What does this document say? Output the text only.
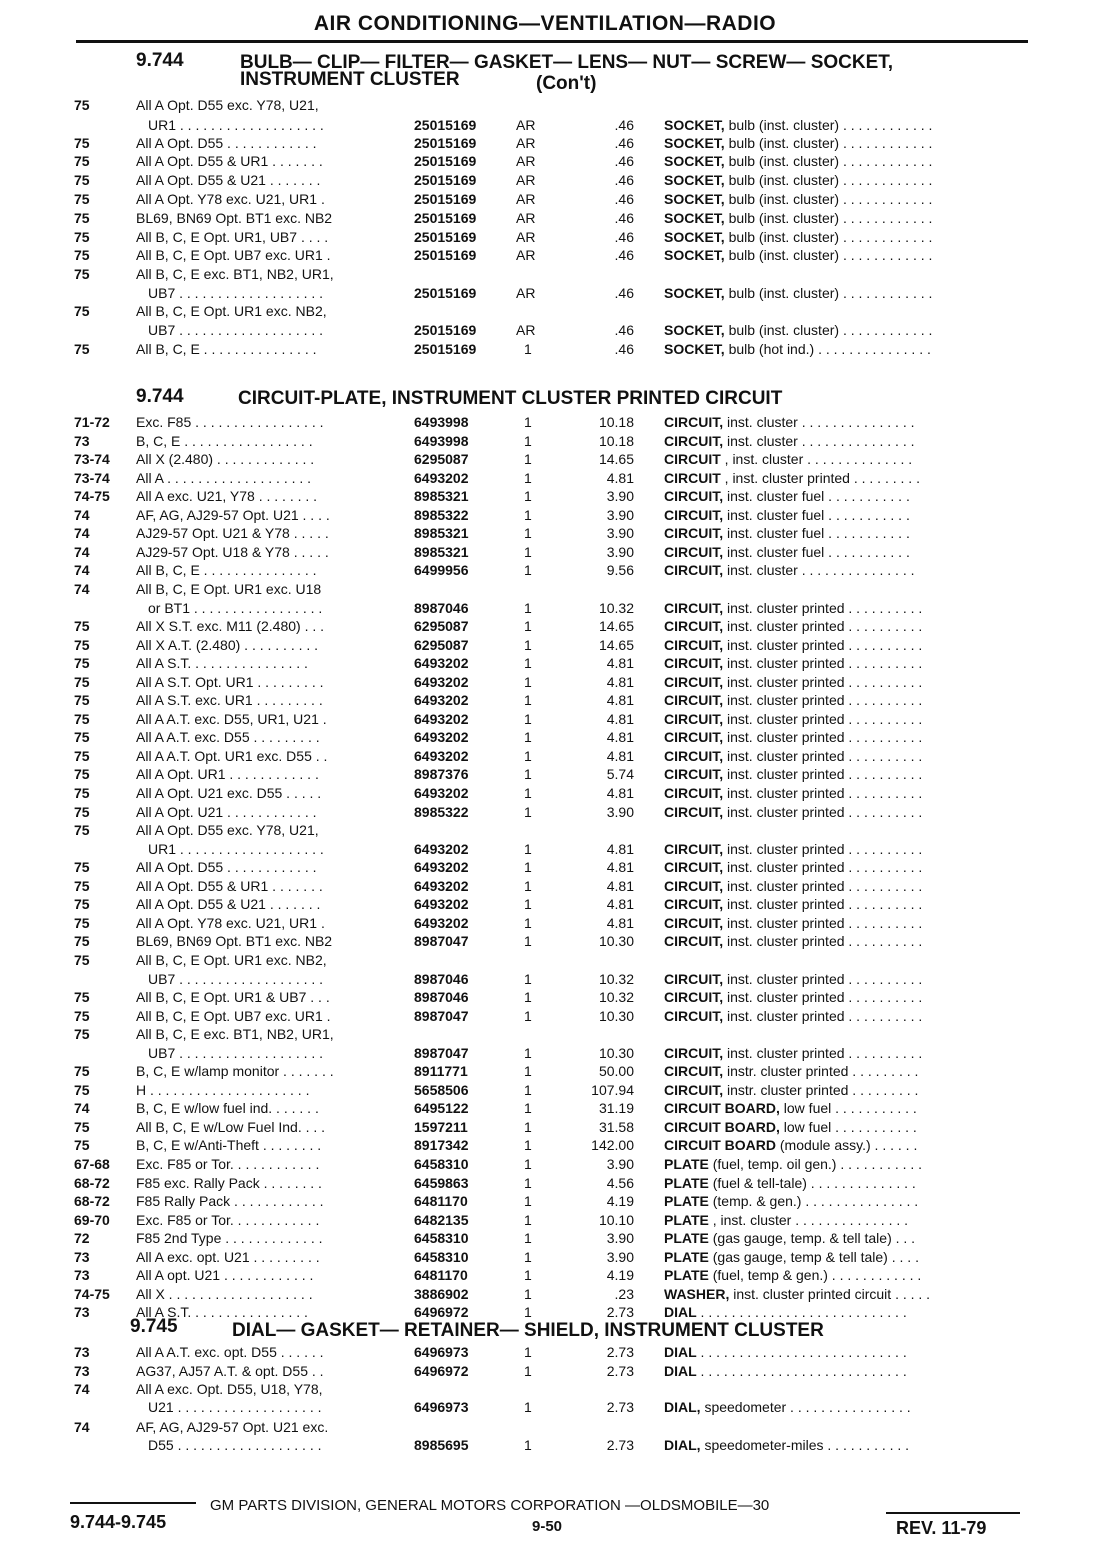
AIR CONDITIONING—VENTILATION—RADIO
9.744	BULB— CLIP— FILTER— GASKET— LENS— NUT— SCREW— SOCKET,
INSTRUMENT CLUSTER	(Con't)
9.744	CIRCUIT-PLATE, INSTRUMENT CLUSTER PRINTED CIRCUIT
9.745	DIAL— GASKET— RETAINER— SHIELD, INSTRUMENT CLUSTER
75	All A Opt. D55 exc. Y78, U21,
UR1 . . . . . . . . . . . . . . . . . . .	25015169	AR	.46 SOCKET, bulb (inst. cluster) . . . . . . . . . . . .
75	All A Opt. D55 . . . . . . . . . . . .	25015169	AR	.46 SOCKET, bulb (inst. cluster) . . . . . . . . . . . .
75	All A Opt. D55 & UR1 . . . . . . .	25015169	AR	.46 SOCKET, bulb (inst. cluster) . . . . . . . . . . . .
75	All A Opt. D55 & U21 . . . . . . .	25015169	AR	.46 SOCKET, bulb (inst. cluster) . . . . . . . . . . . .
75	All A Opt. Y78 exc. U21, UR1 .	25015169	AR	.46 SOCKET, bulb (inst. cluster) . . . . . . . . . . . .
75	BL69, BN69 Opt. BT1 exc. NB2	25015169	AR	.46 SOCKET, bulb (inst. cluster) . . . . . . . . . . . .
75	All B, C, E Opt. UR1, UB7 . . . .	25015169	AR	.46 SOCKET, bulb (inst. cluster) . . . . . . . . . . . .
75	All B, C, E Opt. UB7 exc. UR1 .	25015169	AR	.46 SOCKET, bulb (inst. cluster) . . . . . . . . . . . .
75	All B, C, E exc. BT1, NB2, UR1,
UB7 . . . . . . . . . . . . . . . . . . .	25015169	AR	.46 SOCKET, bulb (inst. cluster) . . . . . . . . . . . .
75	All B, C, E Opt. UR1 exc. NB2,
UB7 . . . . . . . . . . . . . . . . . . .	25015169	AR	.46 SOCKET, bulb (inst. cluster) . . . . . . . . . . . .
75	All B, C, E . . . . . . . . . . . . . . .	25015169	1	.46 SOCKET, bulb (hot ind.) . . . . . . . . . . . . . . .
71-72 Exc. F85 . . . . . . . . . . . . . . . . .	6493998	1	10.18 CIRCUIT, inst. cluster . . . . . . . . . . . . . . .
73	B, C, E . . . . . . . . . . . . . . . . .	6493998	1	10.18 CIRCUIT, inst. cluster . . . . . . . . . . . . . . .
73-74 All X (2.480) . . . . . . . . . . . . .	6295087	1	14.65 CIRCUIT , inst. cluster . . . . . . . . . . . . . .
73-74 All A . . . . . . . . . . . . . . . . . . .	6493202	1	4.81 CIRCUIT , inst. cluster printed . . . . . . . . .
74-75 All A exc. U21, Y78 . . . . . . . .	8985321	1	3.90 CIRCUIT, inst. cluster fuel . . . . . . . . . . .
74	AF, AG, AJ29-57 Opt. U21 . . . .	8985322	1	3.90 CIRCUIT, inst. cluster fuel . . . . . . . . . . .
74	AJ29-57 Opt. U21 & Y78 . . . . .	8985321	1	3.90 CIRCUIT, inst. cluster fuel . . . . . . . . . . .
74	AJ29-57 Opt. U18 & Y78 . . . . .	8985321	1	3.90 CIRCUIT, inst. cluster fuel . . . . . . . . . . .
74	All B, C, E . . . . . . . . . . . . . . .	6499956	1	9.56 CIRCUIT, inst. cluster . . . . . . . . . . . . . . .
74	All B, C, E Opt. UR1 exc. U18
or BT1 . . . . . . . . . . . . . . . . .	8987046	1	10.32 CIRCUIT, inst. cluster printed . . . . . . . . . .
75	All X S.T. exc. M11 (2.480) . . .	6295087	1	14.65 CIRCUIT, inst. cluster printed . . . . . . . . . .
75	All X A.T. (2.480) . . . . . . . . . .	6295087	1	14.65 CIRCUIT, inst. cluster printed . . . . . . . . . .
75	All A S.T. . . . . . . . . . . . . . . .	6493202	1	4.81 CIRCUIT, inst. cluster printed . . . . . . . . . .
75	All A S.T. Opt. UR1 . . . . . . . . .	6493202	1	4.81 CIRCUIT, inst. cluster printed . . . . . . . . . .
75	All A S.T. exc. UR1 . . . . . . . . .	6493202	1	4.81 CIRCUIT, inst. cluster printed . . . . . . . . . .
75	All A A.T. exc. D55, UR1, U21 .	6493202	1	4.81 CIRCUIT, inst. cluster printed . . . . . . . . . .
75	All A A.T. exc. D55 . . . . . . . . .	6493202	1	4.81 CIRCUIT, inst. cluster printed . . . . . . . . . .
75	All A A.T. Opt. UR1 exc. D55 . .	6493202	1	4.81 CIRCUIT, inst. cluster printed . . . . . . . . . .
75	All A Opt. UR1 . . . . . . . . . . . .	8987376	1	5.74 CIRCUIT, inst. cluster printed . . . . . . . . . .
75	All A Opt. U21 exc. D55 . . . . .	6493202	1	4.81 CIRCUIT, inst. cluster printed . . . . . . . . . .
75	All A Opt. U21 . . . . . . . . . . . .	8985322	1	3.90 CIRCUIT, inst. cluster printed . . . . . . . . . .
75	All A Opt. D55 exc. Y78, U21,
UR1 . . . . . . . . . . . . . . . . . . .	6493202	1	4.81 CIRCUIT, inst. cluster printed . . . . . . . . . .
75	All A Opt. D55 . . . . . . . . . . . .	6493202	1	4.81 CIRCUIT, inst. cluster printed . . . . . . . . . .
75	All A Opt. D55 & UR1 . . . . . . .	6493202	1	4.81 CIRCUIT, inst. cluster printed . . . . . . . . . .
75	All A Opt. D55 & U21 . . . . . . .	6493202	1	4.81 CIRCUIT, inst. cluster printed . . . . . . . . . .
75	All A Opt. Y78 exc. U21, UR1 .	6493202	1	4.81 CIRCUIT, inst. cluster printed . . . . . . . . . .
75	BL69, BN69 Opt. BT1 exc. NB2	8987047	1	10.30 CIRCUIT, inst. cluster printed . . . . . . . . . .
75	All B, C, E Opt. UR1 exc. NB2,
UB7 . . . . . . . . . . . . . . . . . . .	8987046	1	10.32 CIRCUIT, inst. cluster printed . . . . . . . . . .
75	All B, C, E Opt. UR1 & UB7 . . .	8987046	1	10.32 CIRCUIT, inst. cluster printed . . . . . . . . . .
75	All B, C, E Opt. UB7 exc. UR1 .	8987047	1	10.30 CIRCUIT, inst. cluster printed . . . . . . . . . .
75	All B, C, E exc. BT1, NB2, UR1,
UB7 . . . . . . . . . . . . . . . . . . .	8987047	1	10.30 CIRCUIT, inst. cluster printed . . . . . . . . . .
75	B, C, E w/lamp monitor . . . . . . .	8911771	1	50.00 CIRCUIT, instr. cluster printed . . . . . . . . .
75	H . . . . . . . . . . . . . . . . . . . . .	5658506	1	107.94 CIRCUIT, instr. cluster printed . . . . . . . . .
74	B, C, E w/low fuel ind. . . . . . .	6495122	1	31.19 CIRCUIT BOARD, low fuel . . . . . . . . . . .
75	All B, C, E w/Low Fuel Ind. . . .	1597211	1	31.58 CIRCUIT BOARD, low fuel . . . . . . . . . . .
75	B, C, E w/Anti-Theft . . . . . . . .	8917342	1	142.00 CIRCUIT BOARD (module assy.) . . . . . .
67-68 Exc. F85 or Tor. . . . . . . . . . . .	6458310	1	3.90 PLATE (fuel, temp. oil gen.) . . . . . . . . . . .
68-72 F85 exc. Rally Pack . . . . . . . .	6459863	1	4.56 PLATE (fuel & tell-tale) . . . . . . . . . . . . . .
68-72 F85 Rally Pack . . . . . . . . . . . .	6481170	1	4.19 PLATE (temp. & gen.) . . . . . . . . . . . . . . .
69-70 Exc. F85 or Tor. . . . . . . . . . . .	6482135	1	10.10 PLATE , inst. cluster . . . . . . . . . . . . . . .
72	F85 2nd Type . . . . . . . . . . . . .	6458310	1	3.90 PLATE (gas gauge, temp. & tell tale) . . .
73	All A exc. opt. U21 . . . . . . . . .	6458310	1	3.90 PLATE (gas gauge, temp & tell tale) . . . .
73	All A opt. U21 . . . . . . . . . . . .	6481170	1	4.19 PLATE (fuel, temp & gen.) . . . . . . . . . . . .
74-75 All X . . . . . . . . . . . . . . . . . . .	3886902	1	.23 WASHER, inst. cluster printed circuit . . . . .
73	All A S.T. . . . . . . . . . . . . . . .	6496972	1	2.73 DIAL . . . . . . . . . . . . . . . . . . . . . . . . . . .
73	All A A.T. exc. opt. D55 . . . . . .	6496973	1	2.73 DIAL . . . . . . . . . . . . . . . . . . . . . . . . . . .
73	AG37, AJ57 A.T. & opt. D55 . .	6496972	1	2.73 DIAL . . . . . . . . . . . . . . . . . . . . . . . . . . .
74	All A exc. Opt. D55, U18, Y78,
U21 . . . . . . . . . . . . . . . . . . .	6496973	1	2.73 DIAL, speedometer . . . . . . . . . . . . . . . .
74	AF, AG, AJ29-57 Opt. U21 exc.
D55 . . . . . . . . . . . . . . . . . . .	8985695	1	2.73 DIAL, speedometer-miles . . . . . . . . . . .
GM PARTS DIVISION, GENERAL MOTORS CORPORATION —OLDSMOBILE—30
9.744-9.745	9-50	REV. 11-79
